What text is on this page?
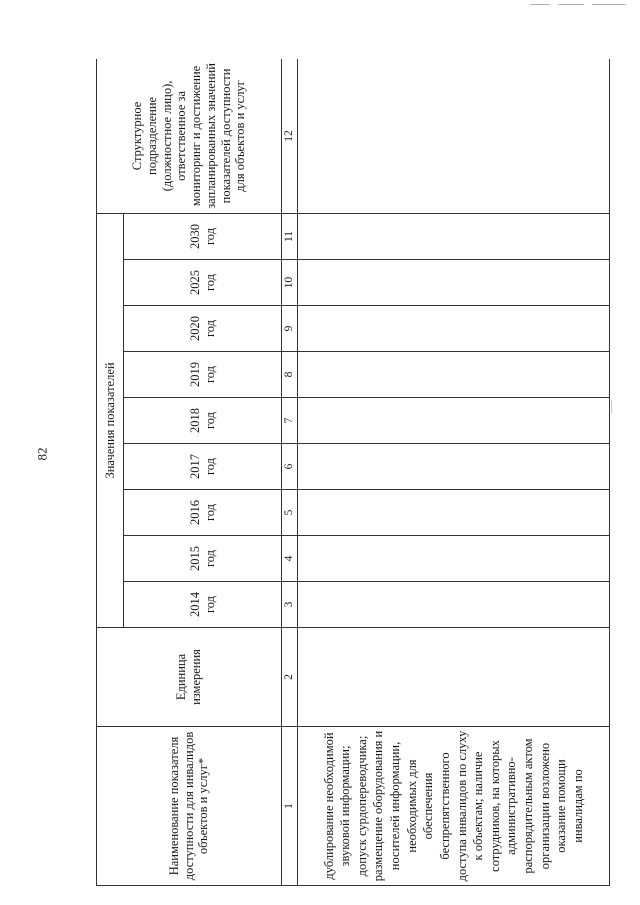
82
Наименование показателя доступности для инвалидов объектов и услуг*	Единица измерения	Значения показателей									Структурное подразделение (должностное лицо), ответственное за мониторинг и достижение запланированных значений показателей доступности для объектов и услуг
		2014 год	2015 год	2016 год	2017 год	2018 год	2019 год	2020 год	2025 год	2030 год	
1	2	3	4	5	6	7	8	9	10	11	12
дублирование необходимой звуковой информации; допуск сурдопереводчика; размещение оборудования и носителей информации, необходимых для обеспечения беспрепятственного доступа инвалидов по слуху к объектам; наличие сотрудников, на которых административно-распорядительным актом организации возложено оказание помощи инвалидам по											
